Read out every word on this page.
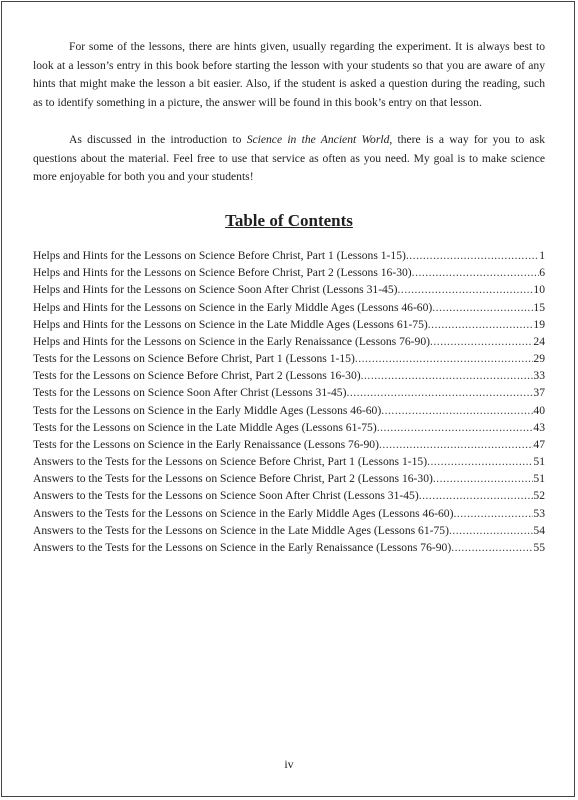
For some of the lessons, there are hints given, usually regarding the experiment. It is always best to look at a lesson’s entry in this book before starting the lesson with your students so that you are aware of any hints that might make the lesson a bit easier. Also, if the student is asked a question during the reading, such as to identify something in a picture, the answer will be found in this book’s entry on that lesson.

As discussed in the introduction to Science in the Ancient World, there is a way for you to ask questions about the material. Feel free to use that service as often as you need. My goal is to make science more enjoyable for both you and your students!

Table of Contents
Helps and Hints for the Lessons on Science Before Christ, Part 1 (Lessons 1-15) .....	1
Helps and Hints for the Lessons on Science Before Christ, Part 2 (Lessons 16-30) .....	6
Helps and Hints for the Lessons on Science Soon After Christ (Lessons 31-45) .....	10
Helps and Hints for the Lessons on Science in the Early Middle Ages (Lessons 46-60) .....	15
Helps and Hints for the Lessons on Science in the Late Middle Ages (Lessons 61-75) .....	19
Helps and Hints for the Lessons on Science in the Early Renaissance (Lessons 76-90) .....	24
Tests for the Lessons on Science Before Christ, Part 1 (Lessons 1-15) .....	29
Tests for the Lessons on Science Before Christ, Part 2 (Lessons 16-30) .....	33
Tests for the Lessons on Science Soon After Christ (Lessons 31-45) .....	37
Tests for the Lessons on Science in the Early Middle Ages (Lessons 46-60) .....	40
Tests for the Lessons on Science in the Late Middle Ages (Lessons 61-75) .....	43
Tests for the Lessons on Science in the Early Renaissance (Lessons 76-90) .....	47
Answers to the Tests for the Lessons on Science Before Christ, Part 1 (Lessons 1-15) .....	51
Answers to the Tests for the Lessons on Science Before Christ, Part 2 (Lessons 16-30) .....	51
Answers to the Tests for the Lessons on Science Soon After Christ (Lessons 31-45) .....	52
Answers to the Tests for the Lessons on Science in the Early Middle Ages (Lessons 46-60) .....	53
Answers to the Tests for the Lessons on Science in the Late Middle Ages (Lessons 61-75) .....	54
Answers to the Tests for the Lessons on Science in the Early Renaissance (Lessons 76-90) .....	55
iv
